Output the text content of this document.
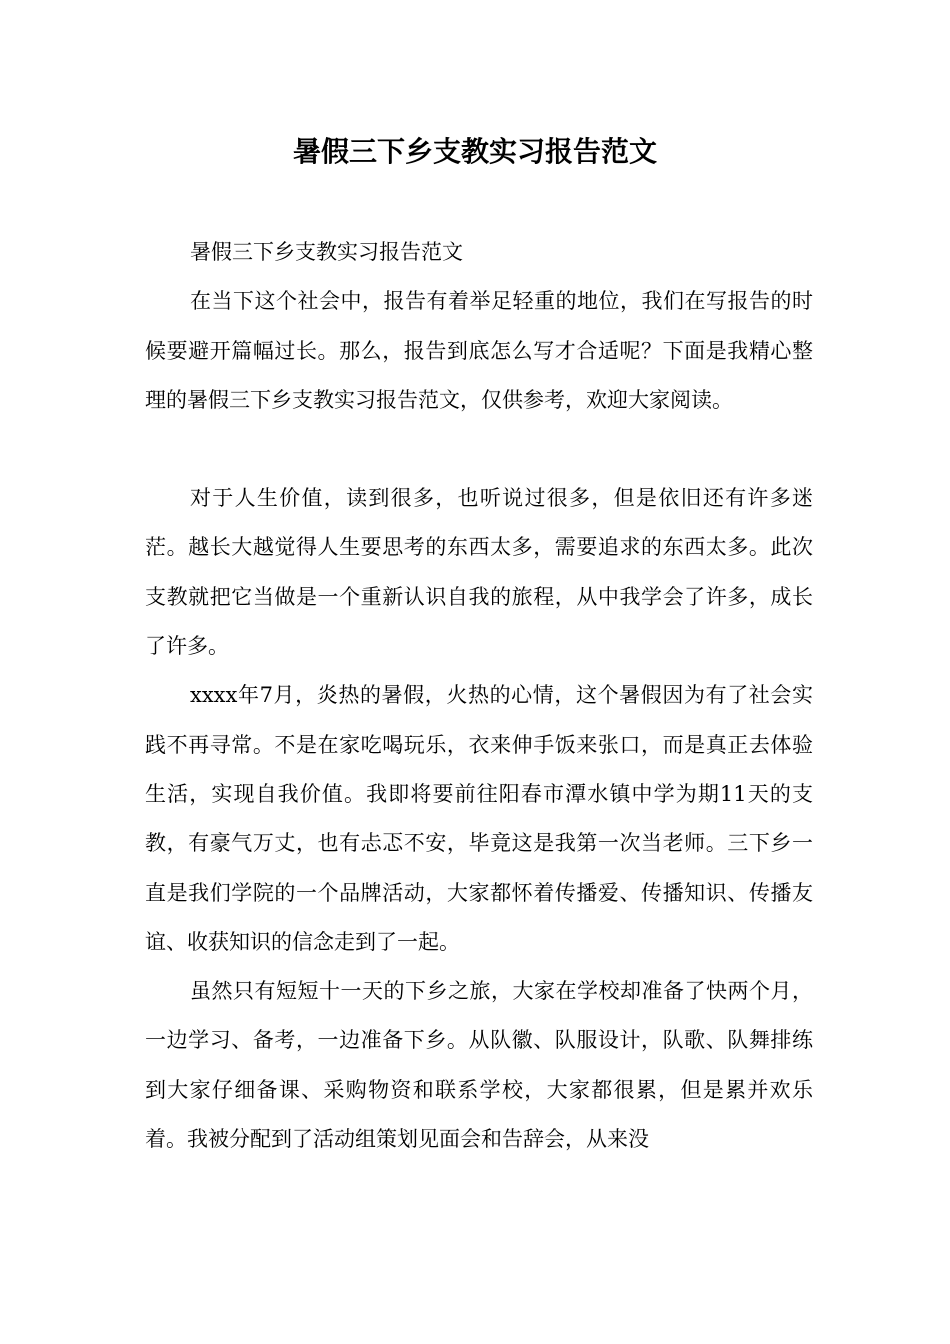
暑假三下乡支教实习报告范文

暑假三下乡支教实习报告范文

在当下这个社会中，报告有着举足轻重的地位，我们在写报告的时候要避开篇幅过长。那么，报告到底怎么写才合适呢？下面是我精心整理的暑假三下乡支教实习报告范文，仅供参考，欢迎大家阅读。

对于人生价值，读到很多，也听说过很多，但是依旧还有许多迷茫。越长大越觉得人生要思考的东西太多，需要追求的东西太多。此次支教就把它当做是一个重新认识自我的旅程，从中我学会了许多，成长了许多。

xxxx年7月，炎热的暑假，火热的心情，这个暑假因为有了社会实践不再寻常。不是在家吃喝玩乐，衣来伸手饭来张口，而是真正去体验生活，实现自我价值。我即将要前往阳春市潭水镇中学为期11天的支教，有豪气万丈，也有忐忑不安，毕竟这是我第一次当老师。三下乡一直是我们学院的一个品牌活动，大家都怀着传播爱、传播知识、传播友谊、收获知识的信念走到了一起。

虽然只有短短十一天的下乡之旅，大家在学校却准备了快两个月，一边学习、备考，一边准备下乡。从队徽、队服设计，队歌、队舞排练到大家仔细备课、采购物资和联系学校，大家都很累，但是累并欢乐着。我被分配到了活动组策划见面会和告辞会，从来没
